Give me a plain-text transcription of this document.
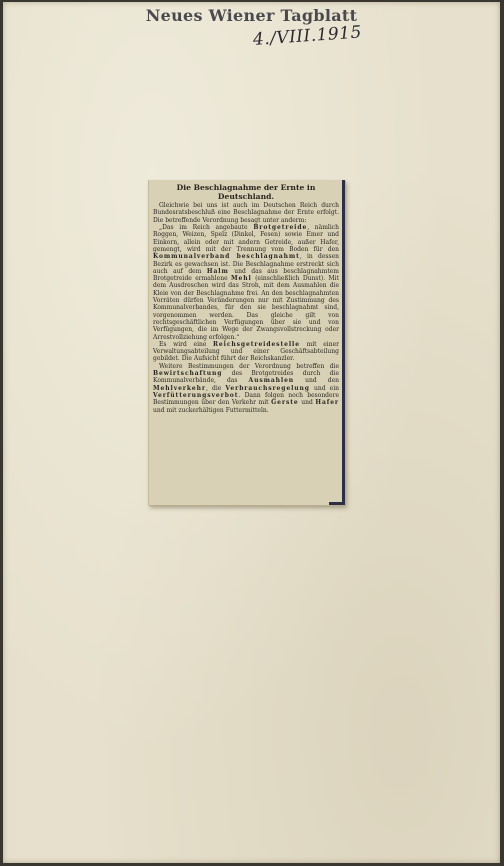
Neues Wiener Tagblatt
4./VIII.1915
Die Beschlagnahme der Ernte in
Deutschland.

Gleichwie bei uns ist auch im Deutschen Reich durch Bundesratsbeschluß eine Beschlagnahme der Ernte erfolgt. Die betreffende Verordnung besagt unter anderm:

„Das im Reich angebaute Brotgetreide, nämlich Roggen, Weizen, Spelz (Dinkel, Fesen) sowie Emer und Einkorn, allein oder mit andern Getreide, außer Hafer, gemengt, wird mit der Trennung vom Boden für den Kommunalverband beschlagnahmt, in dessen Bezirk es gewachsen ist. Die Beschlagnahme erstreckt sich auch auf dem Halm und das aus beschlagnahmtem Brotgetreide ermahlene Mehl (einschließlich Dunst). Mit dem Ausdreschen wird das Stroh, mit dem Ausmahlen die Kleie von der Beschlagnahme frei. An den beschlagnahmten Vorräten dürfen Veränderungen nur mit Zustimmung des Kommunalverbandes, für den sie beschlagnahmt sind, vorgenommen werden. Das gleiche gilt von rechtsgeschäftlichen Verfügungen über sie und von Verfügungen, die im Wege der Zwangsvollstreckung oder Arrestvollziehung erfolgen.“

Es wird eine Reichsgetreidestelle mit einer Verwaltungsabteilung und einer Geschäftsabteilung gebildet. Die Aufsicht führt der Reichskanzler.

Weitere Bestimmungen der Verordnung betreffen die Bewirtschaftung des Brotgetreides durch die Kommunalverbände, das Ausmahlen und den Mehlverkehr, die Verbrauchsregelung und ein Verfütterungsverbot. Dann folgen noch besondere Bestimmungen über den Verkehr mit Gerste und Hafer und mit zuckerhältigen Futtermitteln.
